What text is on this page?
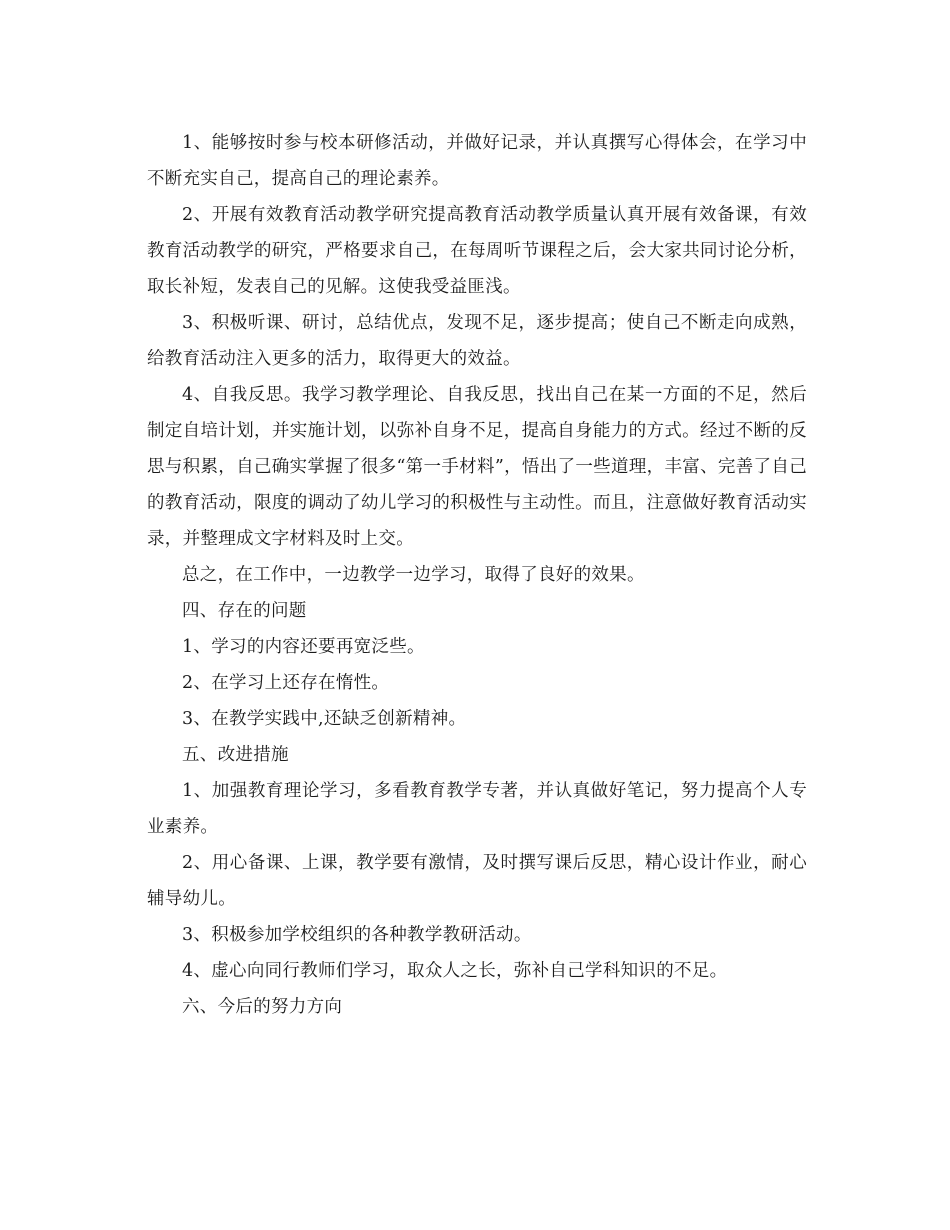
1、能够按时参与校本研修活动，并做好记录，并认真撰写心得体会，在学习中不断充实自己，提高自己的理论素养。

2、开展有效教育活动教学研究提高教育活动教学质量认真开展有效备课，有效教育活动教学的研究，严格要求自己，在每周听节课程之后，会大家共同讨论分析，取长补短，发表自己的见解。这使我受益匪浅。

3、积极听课、研讨，总结优点，发现不足，逐步提高；使自己不断走向成熟，给教育活动注入更多的活力，取得更大的效益。

4、自我反思。我学习教学理论、自我反思，找出自己在某一方面的不足，然后制定自培计划，并实施计划，以弥补自身不足，提高自身能力的方式。经过不断的反思与积累，自己确实掌握了很多“第一手材料”，悟出了一些道理，丰富、完善了自己的教育活动，限度的调动了幼儿学习的积极性与主动性。而且，注意做好教育活动实录，并整理成文字材料及时上交。

总之，在工作中，一边教学一边学习，取得了良好的效果。

四、存在的问题

1、学习的内容还要再宽泛些。

2、在学习上还存在惰性。

3、在教学实践中,还缺乏创新精神。

五、改进措施

1、加强教育理论学习，多看教育教学专著，并认真做好笔记，努力提高个人专业素养。

2、用心备课、上课，教学要有激情，及时撰写课后反思，精心设计作业，耐心辅导幼儿。

3、积极参加学校组织的各种教学教研活动。

4、虚心向同行教师们学习，取众人之长，弥补自己学科知识的不足。

六、今后的努力方向
